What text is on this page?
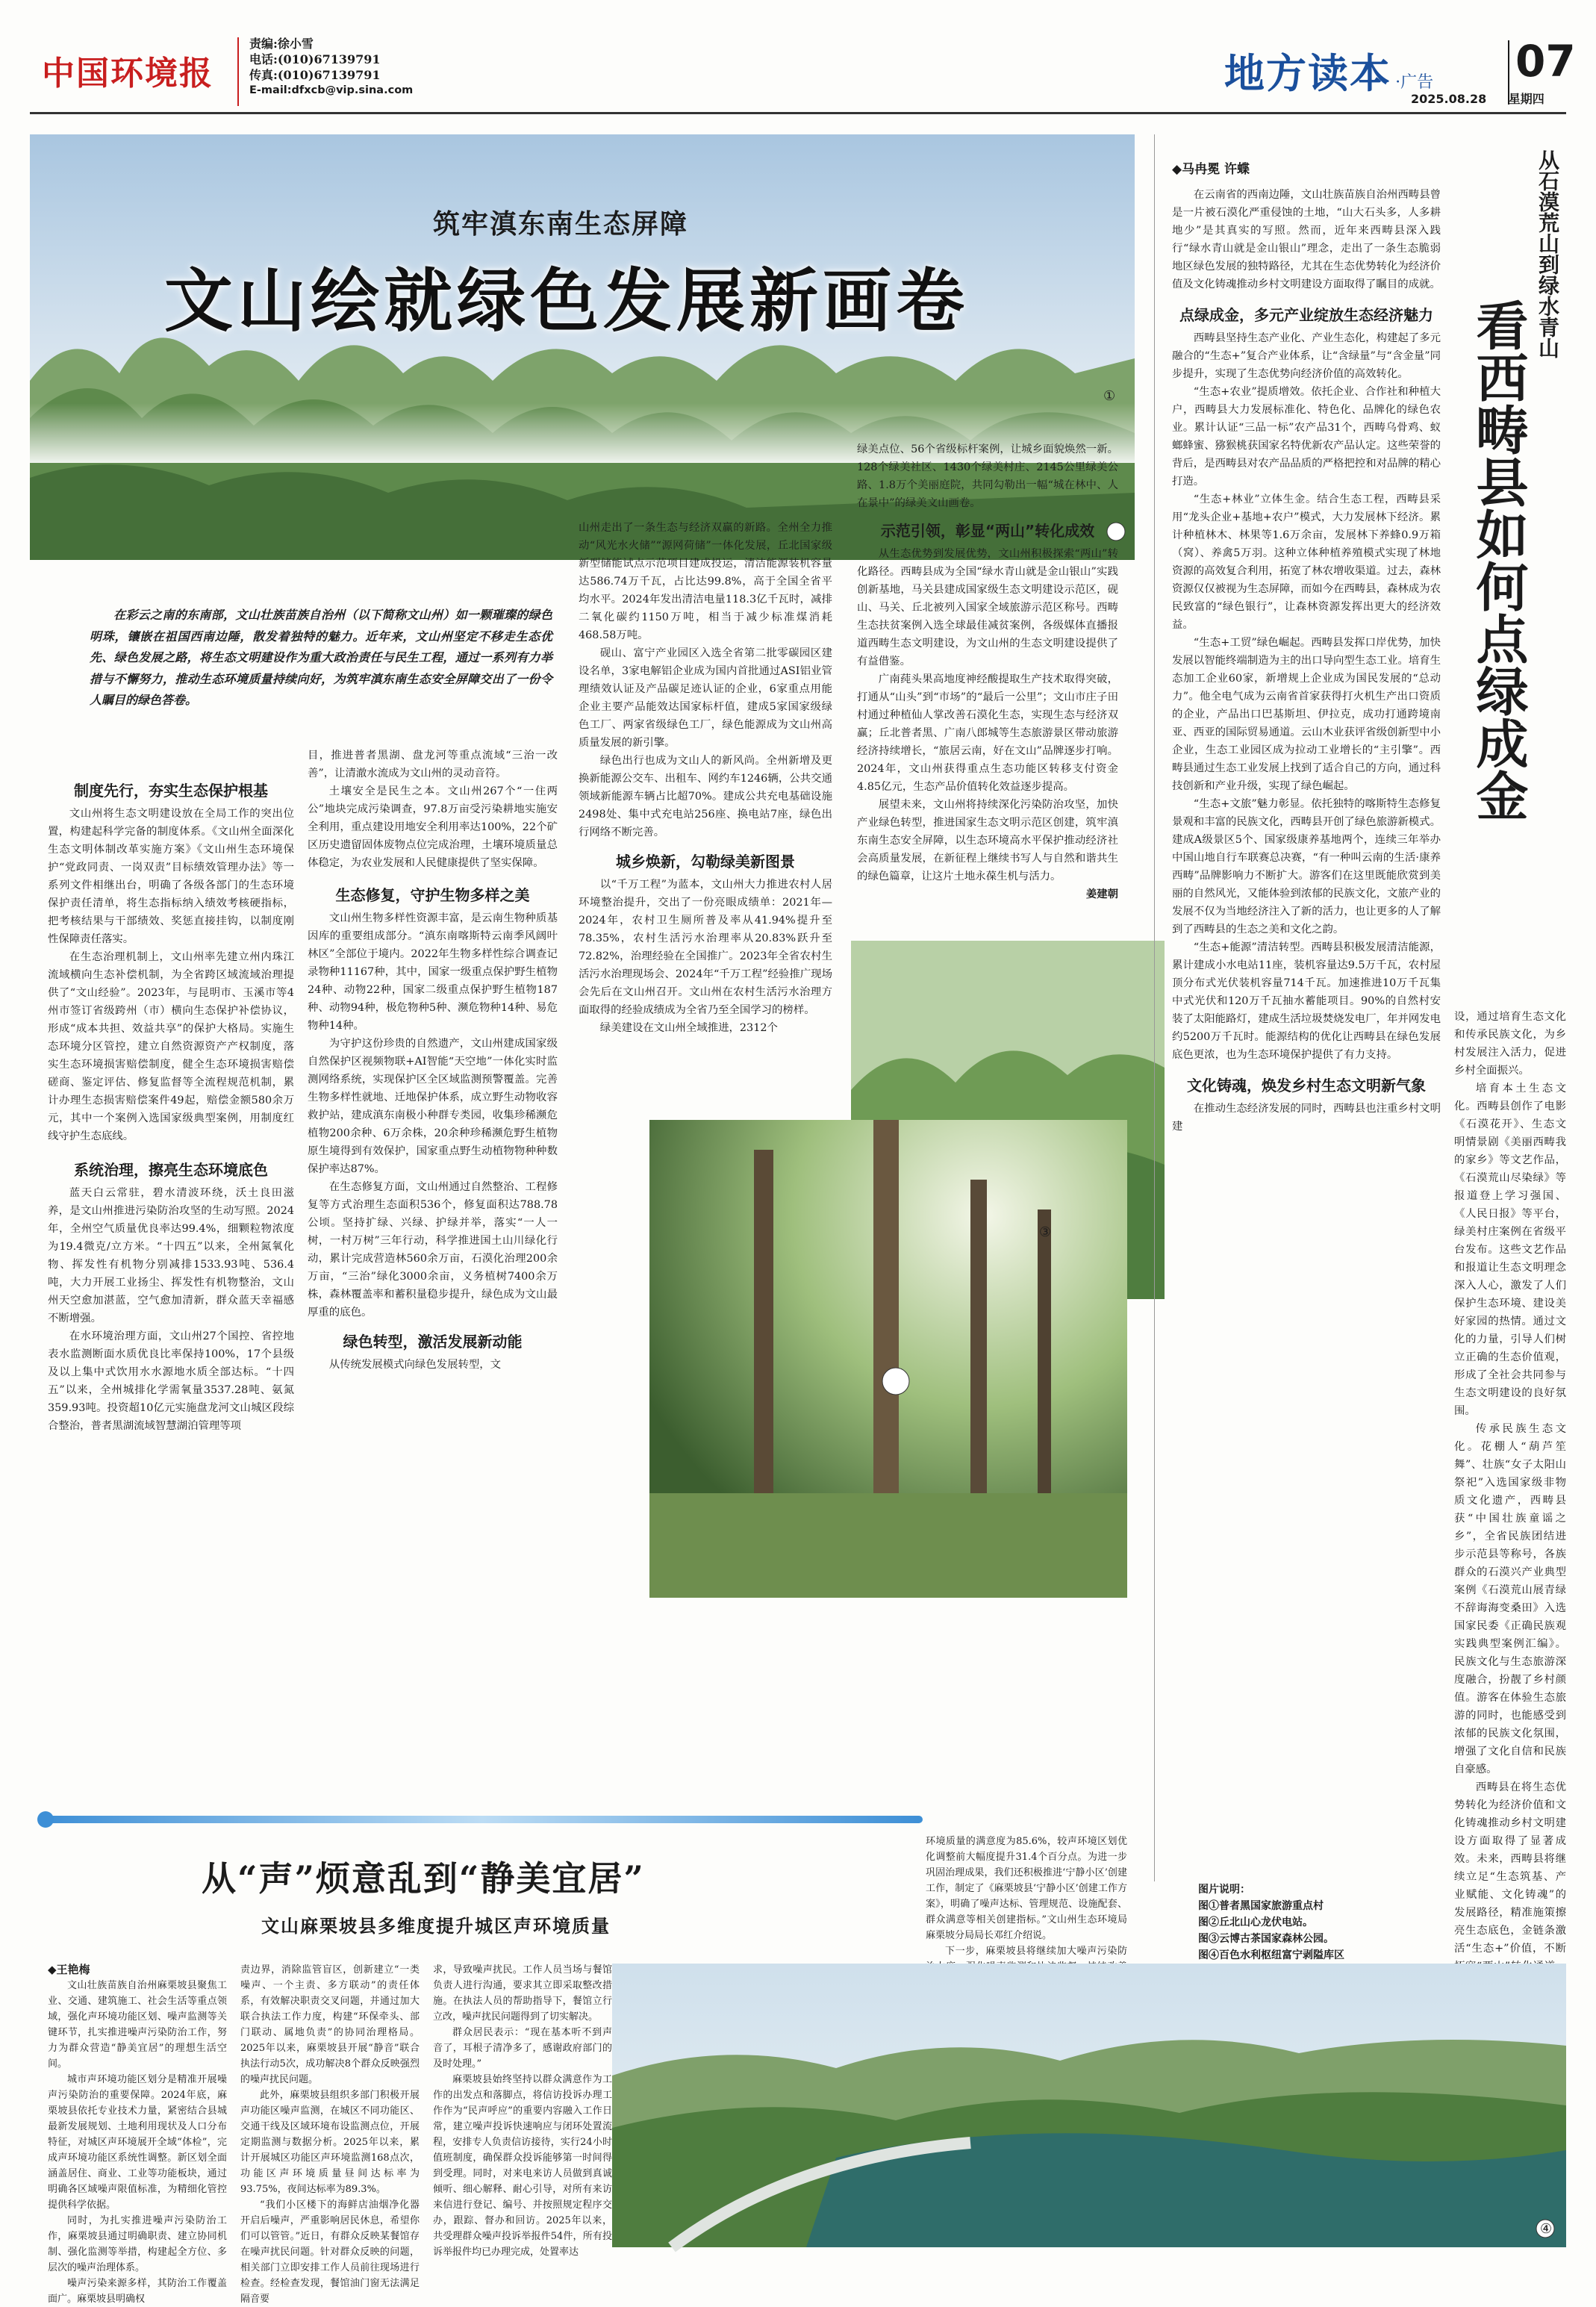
中国环境报
责编:徐小雪
电话:(010)67139791
传真:(010)67139791
E-mail:dfxcb@vip.sina.com	地方读本 ·广告 07
2025.08.28 星期四
①
筑牢滇东南生态屏障
文山绘就绿色发展新画卷

在彩云之南的东南部，文山壮族苗族自治州（以下简称文山州）如一颗璀璨的绿色明珠，镶嵌在祖国西南边陲，散发着独特的魅力。近年来，文山州坚定不移走生态优先、绿色发展之路，将生态文明建设作为重大政治责任与民生工程，通过一系列有力举措与不懈努力，推动生态环境质量持续向好，为筑牢滇东南生态安全屏障交出了一份令人瞩目的绿色答卷。

制度先行，夯实生态保护根基

文山州将生态文明建设放在全局工作的突出位置，构建起科学完备的制度体系。《文山州全面深化生态文明体制改革实施方案》《文山州生态环境保护“党政同责、一岗双责”目标绩效管理办法》等一系列文件相继出台，明确了各级各部门的生态环境保护责任清单，将生态指标纳入绩效考核硬指标，把考核结果与干部绩效、奖惩直接挂钩，以制度刚性保障责任落实。

在生态治理机制上，文山州率先建立州内珠江流域横向生态补偿机制，为全省跨区域流域治理提供了“文山经验”。2023年，与昆明市、玉溪市等4州市签订省级跨州（市）横向生态保护补偿协议，形成“成本共担、效益共享”的保护大格局。实施生态环境分区管控，建立自然资源资产产权制度，落实生态环境损害赔偿制度，健全生态环境损害赔偿磋商、鉴定评估、修复监督等全流程规范机制，累计办理生态损害赔偿案件49起，赔偿金额580余万元，其中一个案例入选国家级典型案例，用制度红线守护生态底线。

系统治理，擦亮生态环境底色

蓝天白云常驻，碧水清波环绕，沃土良田滋养，是文山州推进污染防治攻坚的生动写照。2024年，全州空气质量优良率达99.4%，细颗粒物浓度为19.4微克/立方米。“十四五”以来，全州氮氧化物、挥发性有机物分别减排1533.93吨、536.4吨，大力开展工业扬尘、挥发性有机物整治，文山州天空愈加湛蓝，空气愈加清新，群众蓝天幸福感不断增强。

在水环境治理方面，文山州27个国控、省控地表水监测断面水质优良比率保持100%，17个县级及以上集中式饮用水水源地水质全部达标。“十四五”以来，全州城排化学需氧量3537.28吨、氨氮359.93吨。投资超10亿元实施盘龙河文山城区段综合整治，普者黑湖流域智慧湖泊管理等项

目，推进普者黑湖、盘龙河等重点流域“三治一改善”，让清澈水流成为文山州的灵动音符。

土壤安全是民生之本。文山州267个“一住两公”地块完成污染调查，97.8万亩受污染耕地实施安全利用，重点建设用地安全利用率达100%，22个矿区历史遗留固体废物点位完成治理，土壤环境质量总体稳定，为农业发展和人民健康提供了坚实保障。

生态修复，守护生物多样之美

文山州生物多样性资源丰富，是云南生物种质基因库的重要组成部分。“滇东南喀斯特云南季风阔叶林区”全部位于境内。2022年生物多样性综合调查记录物种11167种，其中，国家一级重点保护野生植物24种、动物22种，国家二级重点保护野生植物187种、动物94种，极危物种5种、濒危物种14种、易危物种14种。

为守护这份珍贵的自然遗产，文山州建成国家级自然保护区视频物联+AI智能“天空地”一体化实时监测网络系统，实现保护区全区域监测预警覆盖。完善生物多样性就地、迁地保护体系，成立野生动物收容救护站，建成滇东南极小种群专类园，收集珍稀濒危植物200余种、6万余株，20余种珍稀濒危野生植物原生境得到有效保护，国家重点野生动植物物种种数保护率达87%。

在生态修复方面，文山州通过自然整治、工程修复等方式治理生态面积536个，修复面积达788.78公顷。坚持扩绿、兴绿、护绿并举，落实“一人一树，一村万树”三年行动，科学推进国土山川绿化行动，累计完成营造林560余万亩，石漠化治理200余万亩，“三治”绿化3000余亩，义务植树7400余万株，森林覆盖率和蓄积量稳步提升，绿色成为文山最厚重的底色。

绿色转型，激活发展新动能

从传统发展模式向绿色发展转型，文

山州走出了一条生态与经济双赢的新路。全州全力推动“风光水火储”“源网荷储”一体化发展，丘北国家级新型储能试点示范项目建成投运，清洁能源装机容量达586.74万千瓦，占比达99.8%，高于全国全省平均水平。2024年发出清洁电量118.3亿千瓦时，减排二氧化碳约1150万吨，相当于减少标准煤消耗468.58万吨。

砚山、富宁产业园区入选全省第二批零碳园区建设名单，3家电解铝企业成为国内首批通过ASI铝业管理绩效认证及产品碳足迹认证的企业，6家重点用能企业主要产品能效达国家标杆值，建成5家国家级绿色工厂、两家省级绿色工厂，绿色能源成为文山州高质量发展的新引擎。

绿色出行也成为文山人的新风尚。全州新增及更换新能源公交车、出租车、网约车1246辆，公共交通领域新能源车辆占比超70%。建成公共充电基础设施2498处、集中式充电站256座、换电站7座，绿色出行网络不断完善。

城乡焕新，勾勒绿美新图景

以“千万工程”为蓝本，文山州大力推进农村人居环境整治提升，交出了一份亮眼成绩单：2021年—2024年，农村卫生厕所普及率从41.94%提升至78.35%，农村生活污水治理率从20.83%跃升至72.82%，治理经验在全国推广。2023年全省农村生活污水治理现场会、2024年“千万工程”经验推广现场会先后在文山州召开。文山州在农村生活污水治理方面取得的经验成绩成为全省乃至全国学习的榜样。

绿美建设在文山州全域推进，2312个

绿美点位、56个省级标杆案例，让城乡面貌焕然一新。128个绿美社区、1430个绿美村庄、2145公里绿美公路、1.8万个美丽庭院，共同勾勒出一幅“城在林中、人在景中”的绿美文山画卷。

示范引领，彰显“两山”转化成效

从生态优势到发展优势，文山州积极探索“两山”转化路径。西畴县成为全国“绿水青山就是金山银山”实践创新基地，马关县建成国家级生态文明建设示范区，砚山、马关、丘北被列入国家全域旅游示范区称号。西畴生态扶贫案例入选全球最佳减贫案例，各级媒体直播报道西畴生态文明建设，为文山州的生态文明建设提供了有益借鉴。

广南莼头果高地度神经酸提取生产技术取得突破，打通从“山头”到“市场”的“最后一公里”；文山市庄子田村通过种植仙人掌改善石漠化生态，实现生态与经济双赢；丘北普者黑、广南八郎城等生态旅游景区带动旅游经济持续增长，“旅居云南，好在文山”品牌逐步打响。2024年，文山州获得重点生态功能区转移支付资金4.85亿元，生态产品价值转化效益逐步提高。

展望未来，文山州将持续深化污染防治攻坚，加快产业绿色转型，推进国家生态文明示范区创建，筑牢滇东南生态安全屏障，以生态环境高水平保护推动经济社会高质量发展，在新征程上继续书写人与自然和谐共生的绿色篇章，让这片土地永葆生机与活力。

姜建朝
③
从石漠荒山到绿水青山
看西畴县如何点绿成金
◆马冉冕 许蝶

在云南省的西南边陲，文山壮族苗族自治州西畴县曾是一片被石漠化严重侵蚀的土地，“山大石头多，人多耕地少”是其真实的写照。然而，近年来西畴县深入践行“绿水青山就是金山银山”理念，走出了一条生态脆弱地区绿色发展的独特路径，尤其在生态优势转化为经济价值及文化铸魂推动乡村文明建设方面取得了瞩目的成就。

点绿成金，多元产业绽放生态经济魅力

西畴县坚持生态产业化、产业生态化，构建起了多元融合的“生态+”复合产业体系，让“含绿量”与“含金量”同步提升，实现了生态优势向经济价值的高效转化。

“生态+农业”提质增效。依托企业、合作社和种植大户，西畴县大力发展标准化、特色化、品牌化的绿色农业。累计认证“三品一标”农产品31个，西畴乌骨鸡、蚁螂蜂蜜、猕猴桃获国家名特优新农产品认定。这些荣誉的背后，是西畴县对农产品品质的严格把控和对品牌的精心打造。

“生态+林业”立体生金。结合生态工程，西畴县采用“龙头企业+基地+农户”模式，大力发展林下经济。累计种植林木、林果等1.6万余亩，发展林下养蜂0.9万箱（窝）、养禽5万羽。这种立体种植养殖模式实现了林地资源的高效复合利用，拓宽了林农增收渠道。过去，森林资源仅仅被视为生态屏障，而如今在西畴县，森林成为农民致富的“绿色银行”，让森林资源发挥出更大的经济效益。

“生态+工贸”绿色崛起。西畴县发挥口岸优势，加快发展以智能终端制造为主的出口导向型生态工业。培育生态加工企业60家，新增规上企业成为国民发展的“总动力”。他全电气成为云南省首家获得打火机生产出口资质的企业，产品出口巴基斯坦、伊拉克，成功打通跨境南亚、西亚的国际贸易通道。云山木业获评省级创新型中小企业，生态工业园区成为拉动工业增长的“主引擎”。西畴县通过生态工业发展上找到了适合自己的方向，通过科技创新和产业升级，实现了绿色崛起。

“生态+文旅”魅力彰显。依托独特的喀斯特生态修复景观和丰富的民族文化，西畴县开创了绿色旅游新模式。建成A级景区5个、国家级康养基地两个，连续三年举办中国山地自行车联赛总决赛，“有一种叫云南的生活·康养西畴”品牌影响力不断扩大。游客们在这里既能欣赏到美丽的自然风光，又能体验到浓郁的民族文化，文旅产业的发展不仅为当地经济注入了新的活力，也让更多的人了解到了西畴县的生态之美和文化之韵。

“生态+能源”清洁转型。西畴县积极发展清洁能源，累计建成小水电站11座，装机容量达9.5万千瓦，农村屋顶分布式光伏装机容量714千瓦。加速推进10万千瓦集中式光伏和120万千瓦抽水蓄能项目。90%的自然村安装了太阳能路灯，建成生活垃圾焚烧发电厂，年并网发电约5200万千瓦时。能源结构的优化让西畴县在绿色发展底色更浓，也为生态环境保护提供了有力支持。

文化铸魂，焕发乡村生态文明新气象

在推动生态经济发展的同时，西畴县也注重乡村文明建

设，通过培育生态文化和传承民族文化，为乡村发展注入活力，促进乡村全面振兴。

培育本土生态文化。西畴县创作了电影《石漠花开》、生态文明情景剧《美丽西畴我的家乡》等文艺作品，《石漠荒山尽染绿》等报道登上学习强国、《人民日报》等平台，绿美村庄案例在省级平台发布。这些文艺作品和报道让生态文明理念深入人心，激发了人们保护生态环境、建设美好家园的热情。通过文化的力量，引导人们树立正确的生态价值观，形成了全社会共同参与生态文明建设的良好氛围。

传承民族生态文化。花棚人“葫芦笙舞”、壮族“女子太阳山祭祀”入选国家级非物质文化遗产，西畴县获“中国壮族童谣之乡”，全省民族团结进步示范县等称号，各族群众的石漠兴产业典型案例《石漠荒山展青绿 不辞诲海变桑田》入选国家民委《正确民族观实践典型案例汇编》。民族文化与生态旅游深度融合，扮靓了乡村颜值。游客在体验生态旅游的同时，也能感受到浓郁的民族文化氛围，增强了文化自信和民族自豪感。

西畴县在将生态优势转化为经济价值和文化铸魂推动乡村文明建设方面取得了显著成效。未来，西畴县将继续立足“生态筑基、产业赋能、文化铸魂”的发展路径，精准施策擦亮生态底色，金链条激活“生态+”价值，不断

从“声”烦意乱到“静美宜居”
文山麻栗坡县多维度提升城区声环境质量
◆王艳梅

文山壮族苗族自治州麻栗坡县聚焦工业、交通、建筑施工、社会生活等重点领域，强化声环境功能区划、噪声监测等关键环节，扎实推进噪声污染防治工作，努力为群众营造“静美宜居”的理想生活空间。

城市声环境功能区划分是精准开展噪声污染防治的重要保障。2024年底，麻栗坡县依托专业技术力量，紧密结合县城最新发展规划、土地利用现状及人口分布特征，对城区声环境展开全域“体检”，完成声环境功能区系统性调整。新区划全面涵盖居住、商业、工业等功能板块，通过明确各区域噪声限值标准，为精细化管控提供科学依据。

同时，为扎实推进噪声污染防治工作，麻栗坡县通过明确职责、建立协同机制、强化监测等举措，构建起全方位、多层次的噪声治理体系。

噪声污染来源多样，其防治工作覆盖面广。麻栗坡县明确权

责边界，消除监管盲区，创新建立“一类噪声、一个主责、多方联动”的责任体系，有效解决职责交叉问题，并通过加大联合执法工作力度，构建“环保牵头、部门联动、属地负责”的协同治理格局。2025年以来，麻栗坡县开展“静音”联合执法行动5次，成功解决8个群众反映强烈的噪声扰民问题。

此外，麻栗坡县组织多部门积极开展声功能区噪声监测，在城区不同功能区、交通干线及区域环境布设监测点位，开展定期监测与数据分析。2025年以来，累计开展城区功能区声环境监测168点次，功能区声环境质量昼间达标率为93.75%，夜间达标率为89.3%。

“我们小区楼下的海鲜店油烟净化器开启后噪声，严重影响居民休息，希望你们可以管管。”近日，有群众反映某餐馆存在噪声扰民问题。针对群众反映的问题，相关部门立即安排工作人员前往现场进行检查。经检查发现，餐馆油门窗无法满足隔音要

求，导致噪声扰民。工作人员当场与餐馆负责人进行沟通，要求其立即采取整改措施。在执法人员的帮助指导下，餐馆立行立改，噪声扰民问题得到了切实解决。

群众居民表示：“现在基本听不到声音了，耳根子清净多了，感谢政府部门的及时处理。”

麻栗坡县始终坚持以群众满意作为工作的出发点和落脚点，将信访投诉办理工作作为“民声呼应”的重要内容融入工作日常，建立噪声投诉快速响应与闭环处置流程，安排专人负责信访接待，实行24小时值班制度，确保群众投诉能够第一时间得到受理。同时，对来电来访人员做到真诚倾听、细心解释、耐心引导，对所有来访来信进行登记、编号、并按照规定程序交办，跟踪、督办和回访。2025年以来，共受理群众噪声投诉举报件54件，所有投诉举报件均已办理完成，处置率达

环境质量的满意度为85.6%，较声环境区划优化调整前大幅度提升31.4个百分点。为进一步巩固治理成果，我们还积极推进‘宁静小区’创建工作，制定了《麻栗坡县‘宁静小区’创建工作方案》，明确了噪声达标、管理规范、设施配套、群众满意等相关创建指标。”文山州生态环境局麻栗坡分局局长邓红介绍说。

下一步，麻栗坡县将继续加大噪声污染防

图片说明：
图①普者黑国家旅游重点村
图②丘北山心龙伏电站。
图③云博古茶国家森林公园。
图④百色水利枢纽富宁剥隘库区
④
